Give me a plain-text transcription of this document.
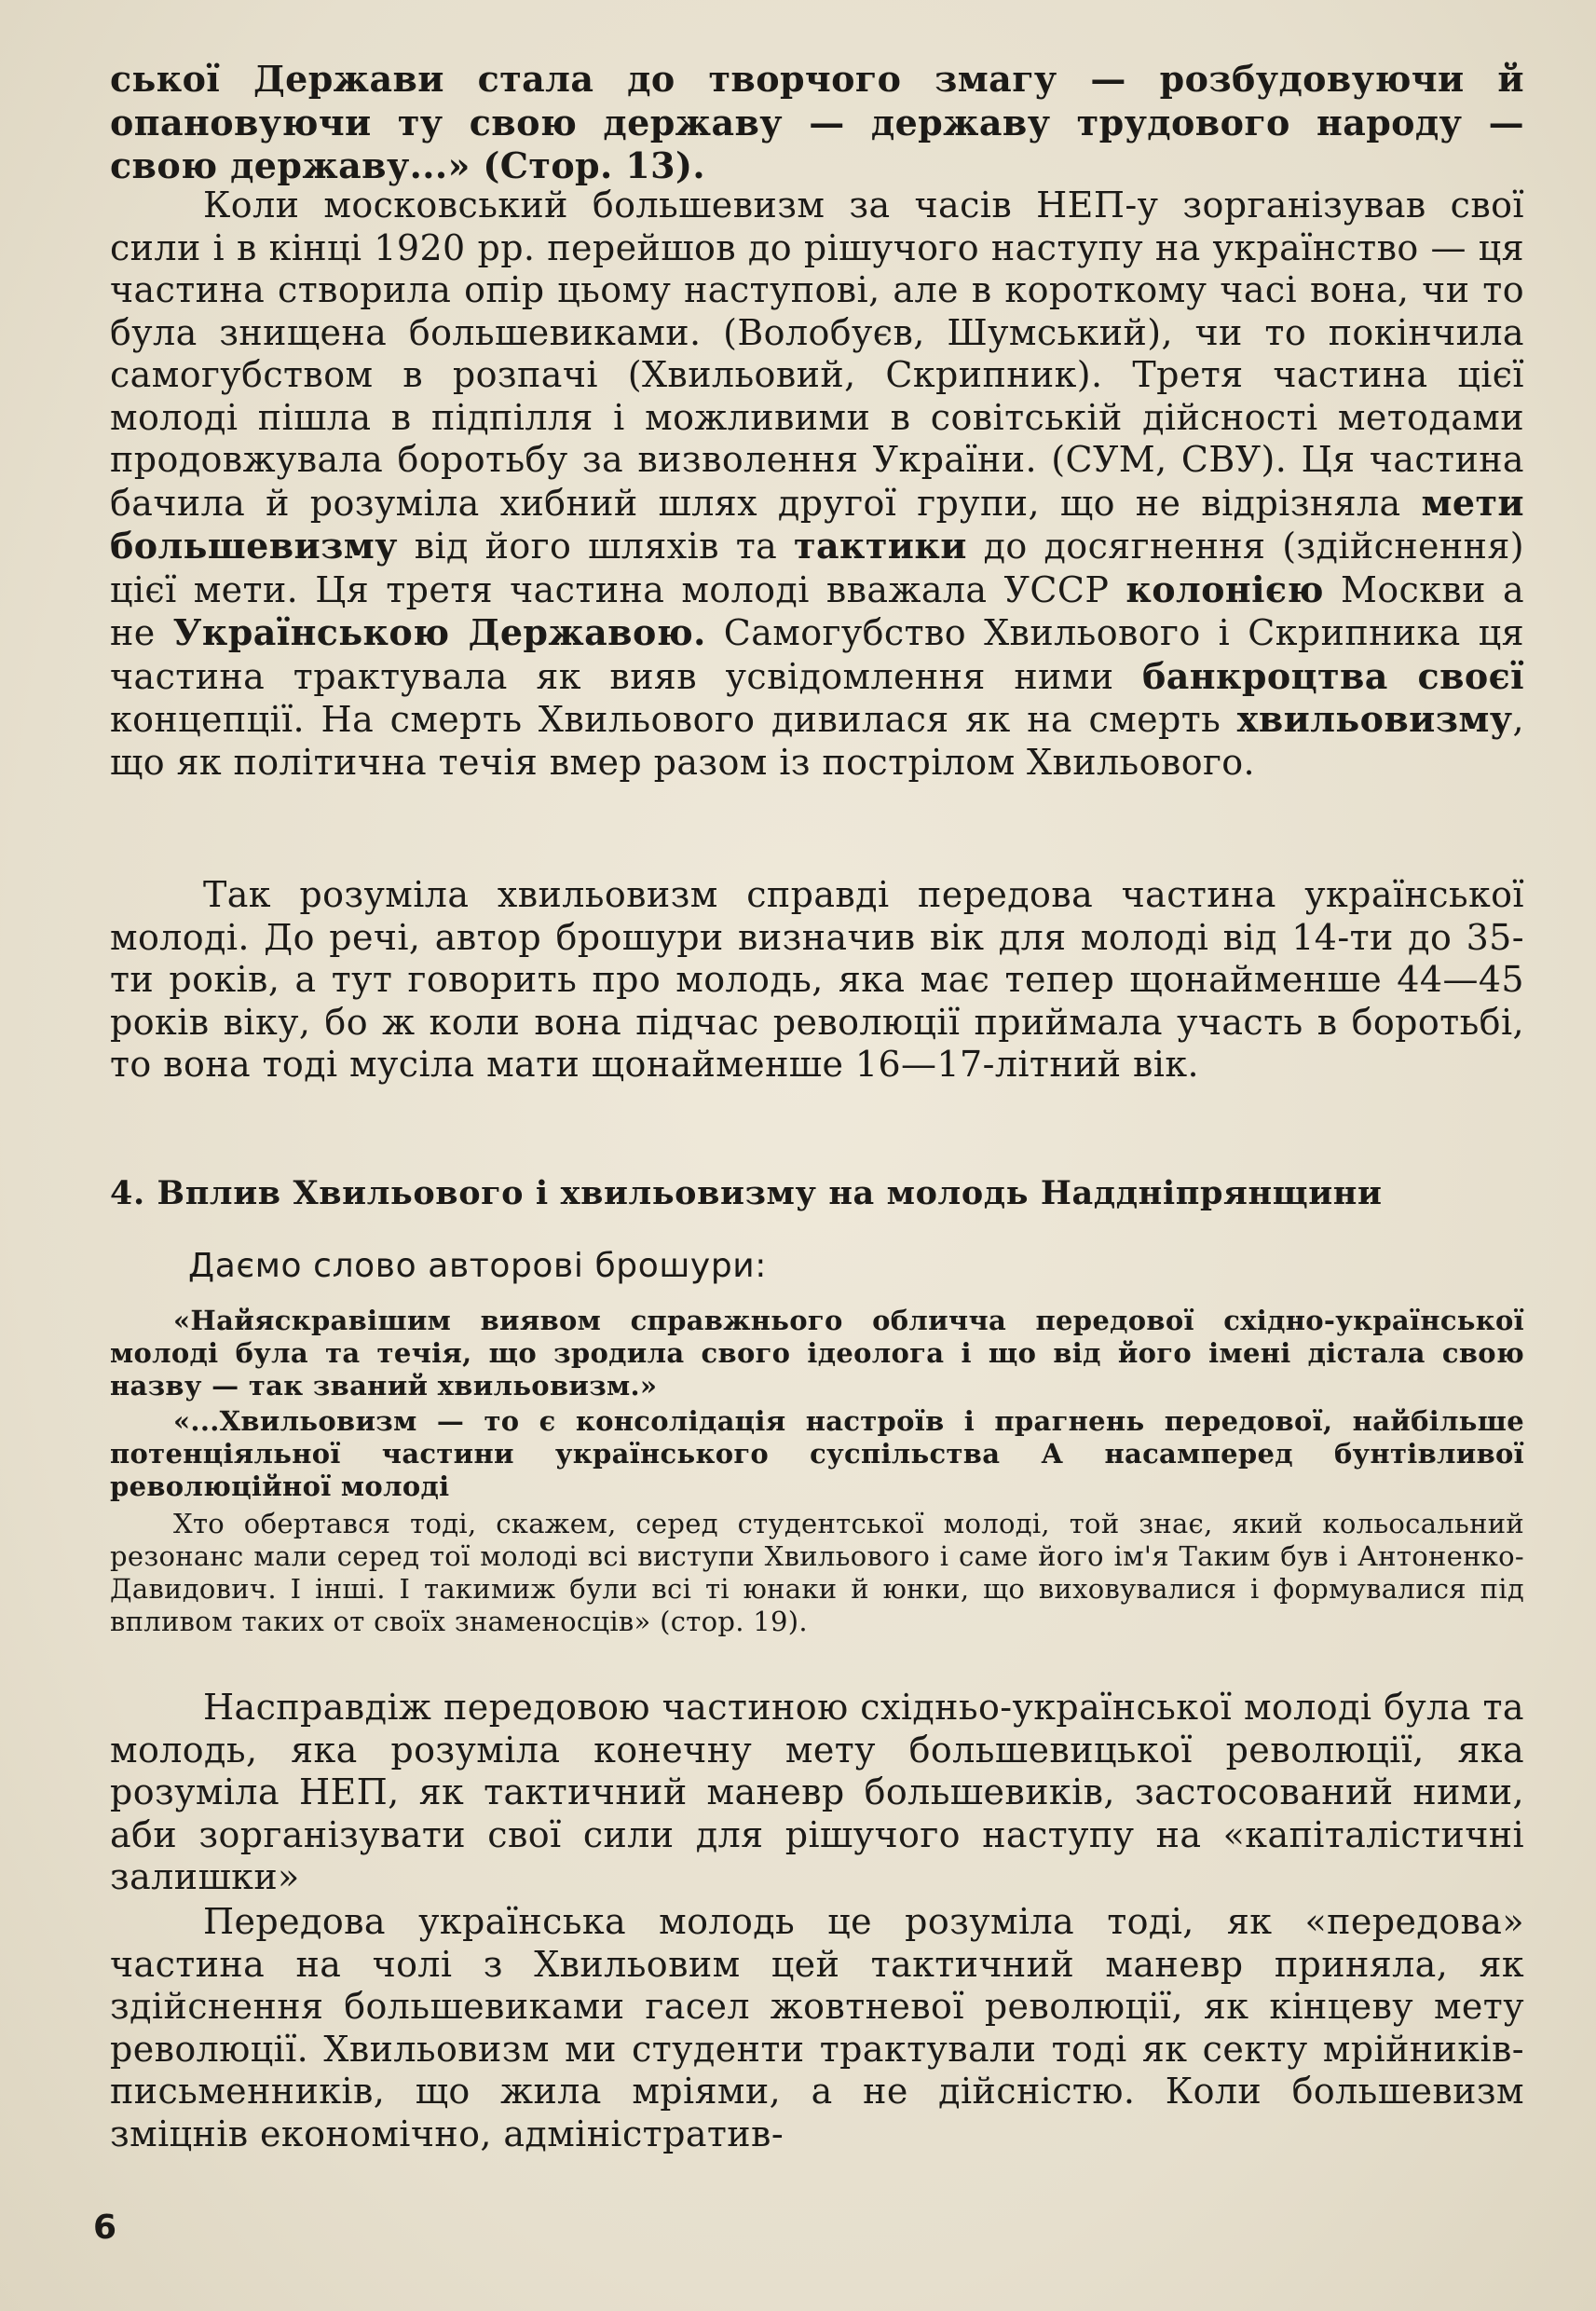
ської Держави стала до творчого змагу — розбудовуючи й опановуючи ту свою державу — державу трудового народу — свою державу...» (Стор. 13).

Коли московський большевизм за часів НЕП-у зорганізував свої сили і в кінці 1920 рр. перейшов до рішучого наступу на українство — ця частина створила опір цьому наступові, але в короткому часі вона, чи то була знищена большевиками. (Волобуєв, Шумський), чи то покінчила самогубством в розпачі (Хвильовий, Скрипник). Третя частина цієї молоді пішла в підпілля і можливими в совітській дійсності методами продовжувала боротьбу за визволення України. (СУМ, СВУ). Ця частина бачила й розуміла хибний шлях другої групи, що не відрізняла мети большевизму від його шляхів та тактики до досягнення (здійснення) цієї мети. Ця третя частина молоді вважала УССР колонією Москви а не Українською Державою. Самогубство Хвильового і Скрипника ця частина трактувала як вияв усвідомлення ними банкроцтва своєї концепції. На смерть Хвильового дивилася як на смерть хвильовизму, що як політична течія вмер разом із пострілом Хвильового.

Так розуміла хвильовизм справді передова частина української молоді. До речі, автор брошури визначив вік для молоді від 14-ти до 35-ти років, а тут говорить про молодь, яка має тепер щонайменше 44—45 років віку, бо ж коли вона підчас революції приймала участь в боротьбі, то вона тоді мусіла мати щонайменше 16—17-літний вік.

4. Вплив Хвильового і хвильовизму на молодь Наддніпрянщини

Даємо слово авторові брошури:

«Найяскравішим виявом справжнього обличча передової східно-української молоді була та течія, що зродила свого ідеолога і що від його імені дістала свою назву — так званий хвильовизм.»

«...Хвильовизм — то є консолідація настроїв і прагнень передової, найбільше потенціяльної частини українського суспільства А насамперед бунтівливої революційної молоді

Хто обертався тоді, скажем, серед студентської молоді, той знає, який кольосальний резонанс мали серед тої молоді всі виступи Хвильового і саме його ім'я Таким був і Антоненко-Давидович. І інші. І такимиж були всі ті юнаки й юнки, що виховувалися і формувалися під впливом таких от своїх знаменосців» (стор. 19).

Насправдіж передовою частиною східньо-української молоді була та молодь, яка розуміла конечну мету большевицької революції, яка розуміла НЕП, як тактичний маневр большевиків, застосований ними, аби зорганізувати свої сили для рішучого наступу на «капіталістичні залишки»

Передова українська молодь це розуміла тоді, як «передова» частина на чолі з Хвильовим цей тактичний маневр приняла, як здійснення большевиками гасел жовтневої революції, як кінцеву мету революції. Хвильовизм ми студенти трактували тоді як секту мрійників-письменників, що жила мріями, а не дійсністю. Коли большевизм зміцнів економічно, адміністратив-

6
